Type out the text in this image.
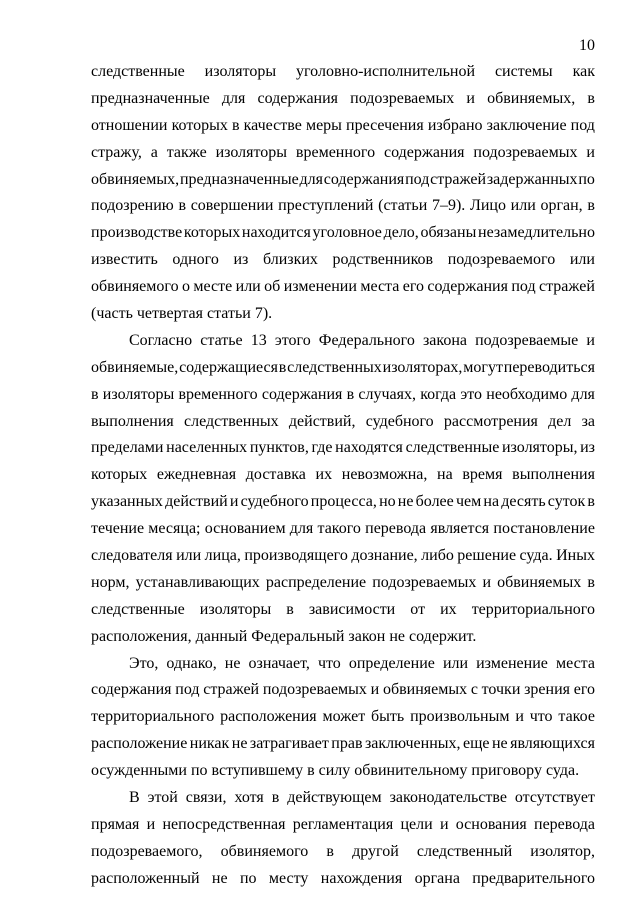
10
следственные изоляторы уголовно-исполнительной системы как
предназначенные для содержания подозреваемых и обвиняемых, в
отношении которых в качестве меры пресечения избрано заключение под
стражу, а также изоляторы временного содержания подозреваемых и
обвиняемых, предназначенные для содержания под стражей задержанных по
подозрению в совершении преступлений (статьи 7–9). Лицо или орган, в
производстве которых находится уголовное дело, обязаны незамедлительно
известить одного из близких родственников подозреваемого или
обвиняемого о месте или об изменении места его содержания под стражей
(часть четвертая статьи 7).
Согласно статье 13 этого Федерального закона подозреваемые и
обвиняемые, содержащиеся в следственных изоляторах, могут переводиться
в изоляторы временного содержания в случаях, когда это необходимо для
выполнения следственных действий, судебного рассмотрения дел за
пределами населенных пунктов, где находятся следственные изоляторы, из
которых ежедневная доставка их невозможна, на время выполнения
указанных действий и судебного процесса, но не более чем на десять суток в
течение месяца; основанием для такого перевода является постановление
следователя или лица, производящего дознание, либо решение суда. Иных
норм, устанавливающих распределение подозреваемых и обвиняемых в
следственные изоляторы в зависимости от их территориального
расположения, данный Федеральный закон не содержит.
Это, однако, не означает, что определение или изменение места
содержания под стражей подозреваемых и обвиняемых с точки зрения его
территориального расположения может быть произвольным и что такое
расположение никак не затрагивает прав заключенных, еще не являющихся
осужденными по вступившему в силу обвинительному приговору суда.
В этой связи, хотя в действующем законодательстве отсутствует
прямая и непосредственная регламентация цели и основания перевода
подозреваемого, обвиняемого в другой следственный изолятор,
расположенный не по месту нахождения органа предварительного
